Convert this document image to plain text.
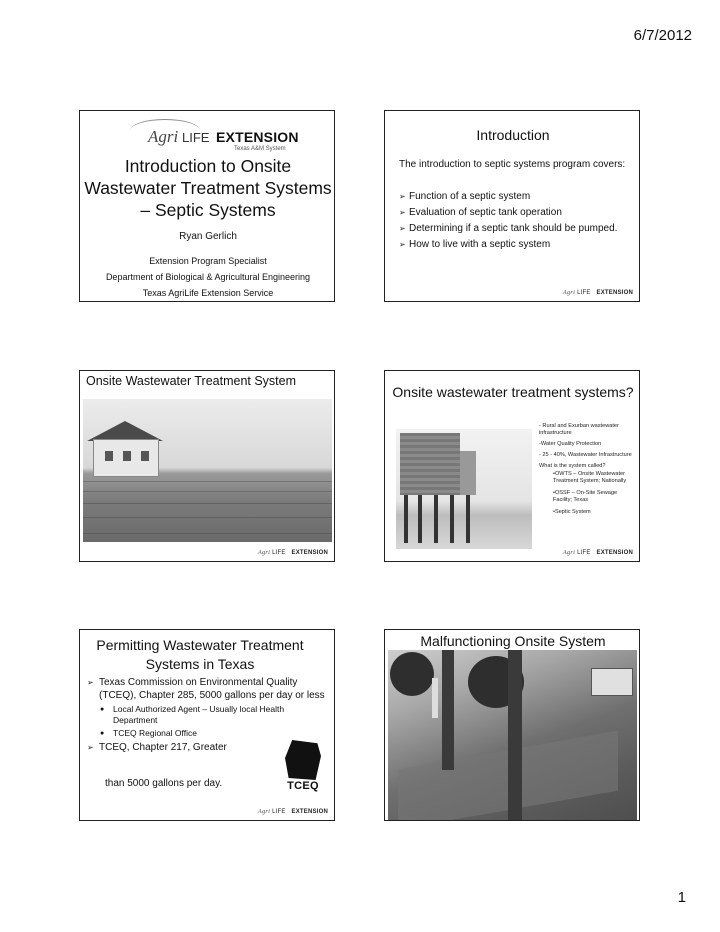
6/7/2012
Agri LIFE EXTENSION
Texas A&M System
Introduction to Onsite Wastewater Treatment Systems – Septic Systems
Ryan Gerlich
Extension Program Specialist
Department of Biological & Agricultural Engineering
Texas AgriLife Extension Service
Introduction
The introduction to septic systems program covers:
➢ Function of a septic system
➢ Evaluation of septic tank operation
➢ Determining if a septic tank should be pumped.
➢ How to live with a septic system
Agri LIFE
EXTENSION
Onsite Wastewater Treatment System
Agri LIFE
EXTENSION
Onsite wastewater treatment systems?

- Rural and Exurban wastewater infrastructure

-Water Quality Protection

- 25 - 40%, Wastewater Infrastructure

What is the system called?

•OWTS – Onsite Wastewater Treatment System; Nationally

•OSSF – On-Site Sewage Facility; Texas

•Septic System

Agri LIFE
EXTENSION
Permitting Wastewater Treatment Systems in Texas
➢ Texas Commission on Environmental Quality (TCEQ), Chapter 285, 5000 gallons per day or less
● Local Authorized Agent – Usually local Health Department
● TCEQ Regional Office
➢ TCEQ, Chapter 217, Greater
than 5000 gallons per day.	TCEQ
Agri LIFE
EXTENSION
Malfunctioning Onsite System
1
